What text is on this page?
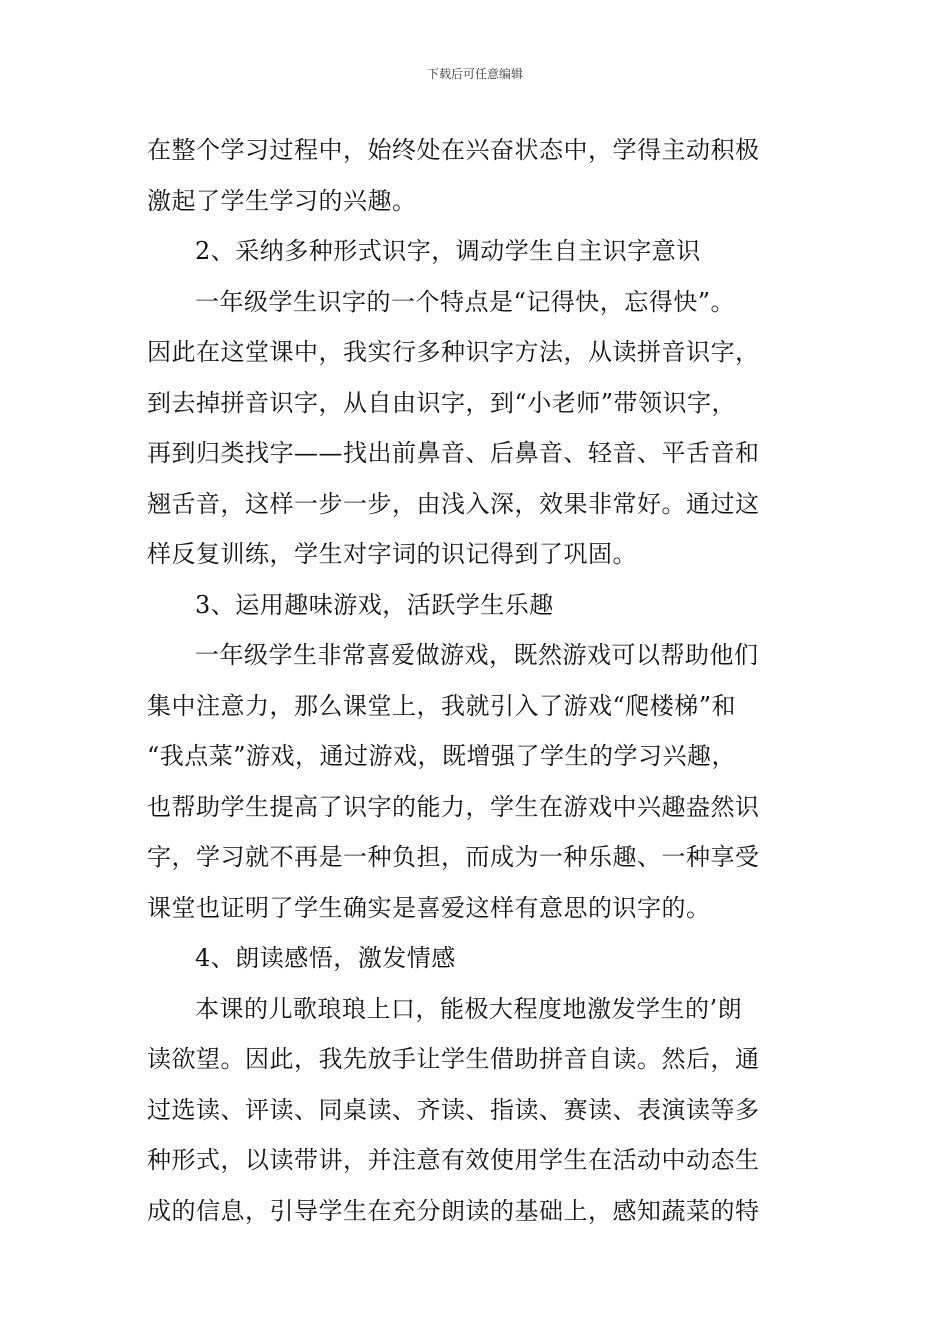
下载后可任意编辑
在整个学习过程中，始终处在兴奋状态中，学得主动积极
激起了学生学习的兴趣。
2、采纳多种形式识字，调动学生自主识字意识
一年级学生识字的一个特点是“记得快，忘得快”。
因此在这堂课中，我实行多种识字方法，从读拼音识字，
到去掉拼音识字，从自由识字，到“小老师”带领识字，
再到归类找字——找出前鼻音、后鼻音、轻音、平舌音和
翘舌音，这样一步一步，由浅入深，效果非常好。通过这
样反复训练，学生对字词的识记得到了巩固。
3、运用趣味游戏，活跃学生乐趣
一年级学生非常喜爱做游戏，既然游戏可以帮助他们
集中注意力，那么课堂上，我就引入了游戏“爬楼梯”和
“我点菜”游戏，通过游戏，既增强了学生的学习兴趣，
也帮助学生提高了识字的能力，学生在游戏中兴趣盎然识
字，学习就不再是一种负担，而成为一种乐趣、一种享受
课堂也证明了学生确实是喜爱这样有意思的识字的。
4、朗读感悟，激发情感
本课的儿歌琅琅上口，能极大程度地激发学生的’朗
读欲望。因此，我先放手让学生借助拼音自读。然后，通
过选读、评读、同桌读、齐读、指读、赛读、表演读等多
种形式，以读带讲，并注意有效使用学生在活动中动态生
成的信息，引导学生在充分朗读的基础上，感知蔬菜的特
